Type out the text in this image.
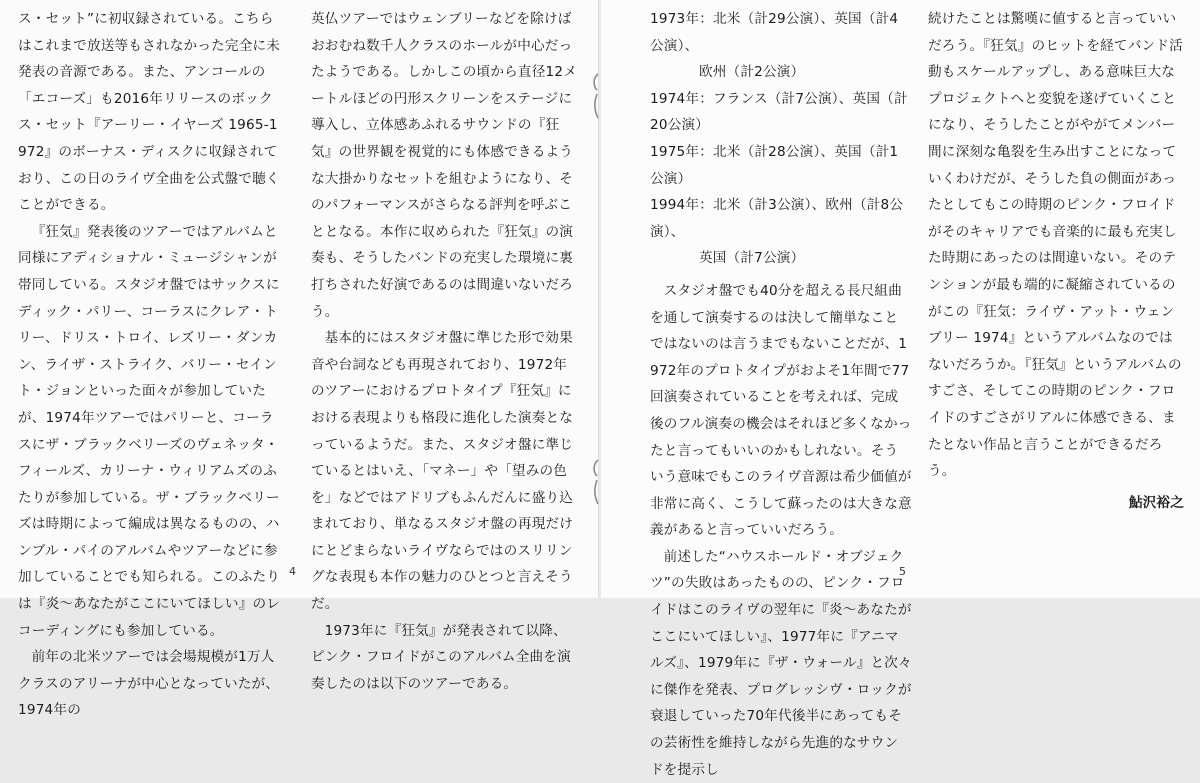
ス・セット”に初収録されている。こちらはこれまで放送等もされなかった完全に未発表の音源である。また、アンコールの「エコーズ」も2016年リリースのボックス・セット『アーリー・イヤーズ 1965-1972』のボーナス・ディスクに収録されており、この日のライヴ全曲を公式盤で聴くことができる。

『狂気』発表後のツアーではアルバムと同様にアディショナル・ミュージシャンが帯同している。スタジオ盤ではサックスにディック・パリー、コーラスにクレア・トリー、ドリス・トロイ、レズリー・ダンカン、ライザ・ストライク、バリー・セイント・ジョンといった面々が参加していたが、1974年ツアーではパリーと、コーラスにザ・ブラックベリーズのヴェネッタ・フィールズ、カリーナ・ウィリアムズのふたりが参加している。ザ・ブラックベリーズは時期によって編成は異なるものの、ハンブル・パイのアルバムやツアーなどに参加していることでも知られる。このふたりは『炎～あなたがここにいてほしい』のレコーディングにも参加している。

前年の北米ツアーでは会場規模が1万人クラスのアリーナが中心となっていたが、1974年の

英仏ツアーではウェンブリーなどを除けばおおむね数千人クラスのホールが中心だったようである。しかしこの頃から直径12メートルほどの円形スクリーンをステージに導入し、立体感あふれるサウンドの『狂気』の世界観を視覚的にも体感できるような大掛かりなセットを組むようになり、そのパフォーマンスがさらなる評判を呼ぶこととなる。本作に収められた『狂気』の演奏も、そうしたバンドの充実した環境に裏打ちされた好演であるのは間違いないだろう。

基本的にはスタジオ盤に準じた形で効果音や台詞なども再現されており、1972年のツアーにおけるプロトタイプ『狂気』における表現よりも格段に進化した演奏となっているようだ。また、スタジオ盤に準じているとはいえ、「マネー」や「望みの色を」などではアドリブもふんだんに盛り込まれており、単なるスタジオ盤の再現だけにとどまらないライヴならではのスリリングな表現も本作の魅力のひとつと言えそうだ。

1973年に『狂気』が発表されて以降、ピンク・フロイドがこのアルバム全曲を演奏したのは以下のツアーである。

4
1973年：北米（計29公演）、英国（計4公演）、
欧州（計2公演）
1974年：フランス（計7公演）、英国（計20公演）
1975年：北米（計28公演）、英国（計1公演）
1994年：北米（計3公演）、欧州（計8公演）、
英国（計7公演）

スタジオ盤でも40分を超える長尺組曲を通して演奏するのは決して簡単なことではないのは言うまでもないことだが、1972年のプロトタイプがおよそ1年間で77回演奏されていることを考えれば、完成後のフル演奏の機会はそれほど多くなかったと言ってもいいのかもしれない。そういう意味でもこのライヴ音源は希少価値が非常に高く、こうして蘇ったのは大きな意義があると言っていいだろう。

前述した“ハウスホールド・オブジェクツ”の失敗はあったものの、ピンク・フロイドはこのライヴの翌年に『炎～あなたがここにいてほしい』、1977年に『アニマルズ』、1979年に『ザ・ウォール』と次々に傑作を発表、プログレッシヴ・ロックが衰退していった70年代後半にあってもその芸術性を維持しながら先進的なサウンドを提示し

続けたことは驚嘆に値すると言っていいだろう。『狂気』のヒットを経てバンド活動もスケールアップし、ある意味巨大なプロジェクトへと変貌を遂げていくことになり、そうしたことがやがてメンバー間に深刻な亀裂を生み出すことになっていくわけだが、そうした負の側面があったとしてもこの時期のピンク・フロイドがそのキャリアでも音楽的に最も充実した時期にあったのは間違いない。そのテンションが最も端的に凝縮されているのがこの『狂気：ライヴ・アット・ウェンブリー 1974』というアルバムなのではないだろうか。『狂気』というアルバムのすごさ、そしてこの時期のピンク・フロイドのすごさがリアルに体感できる、またとない作品と言うことができるだろう。

鮎沢裕之
5
